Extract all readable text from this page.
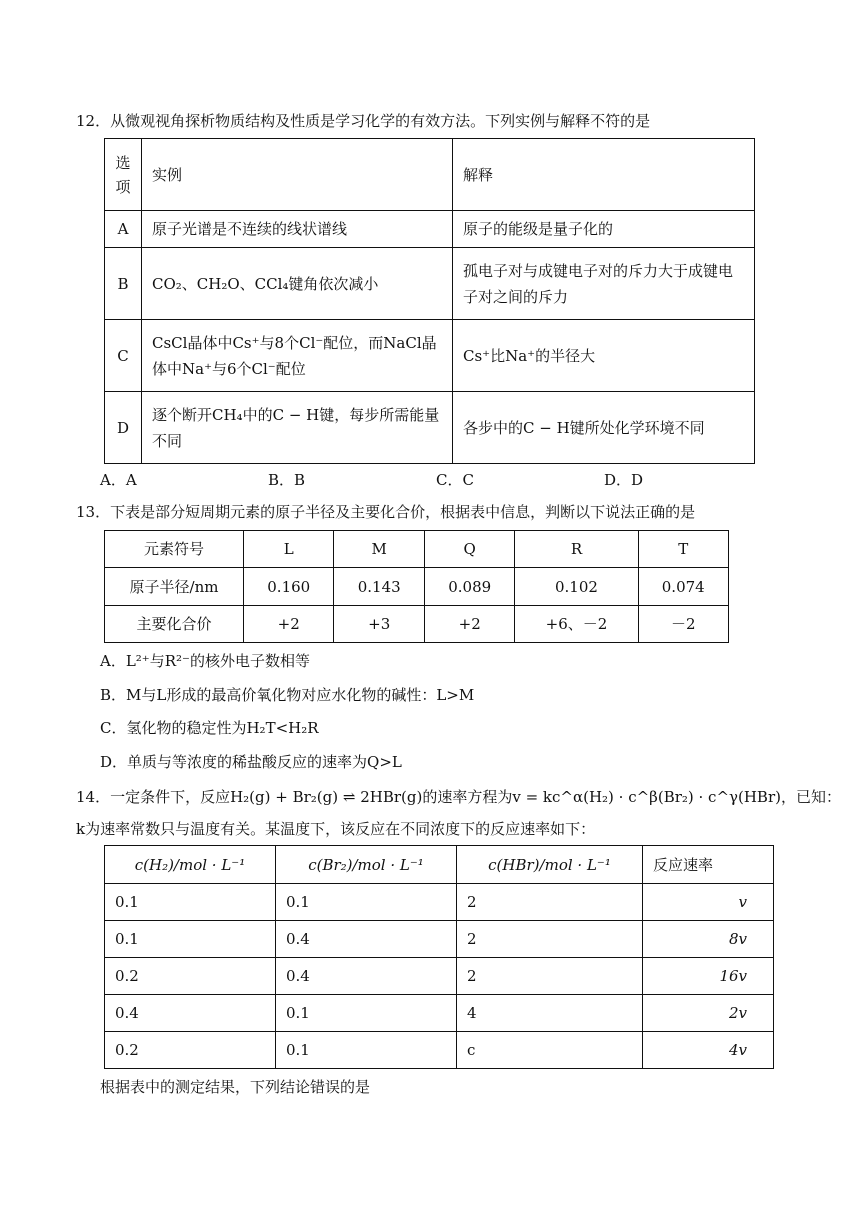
12．从微观视角探析物质结构及性质是学习化学的有效方法。下列实例与解释不符的是
选
项	实例	解释
A	原子光谱是不连续的线状谱线	原子的能级是量子化的
B	CO₂、CH₂O、CCl₄键角依次减小	孤电子对与成键电子对的斥力大于成键电子对之间的斥力
C	CsCl晶体中Cs⁺与8个Cl⁻配位，而NaCl晶体中Na⁺与6个Cl⁻配位	Cs⁺比Na⁺的半径大
D	逐个断开CH₄中的C − H键，每步所需能量不同	各步中的C − H键所处化学环境不同
A．A	B．B	C．C	D．D
13．下表是部分短周期元素的原子半径及主要化合价，根据表中信息，判断以下说法正确的是
元素符号	L	M	Q	R	T
原子半径/nm	0.160	0.143	0.089	0.102	0.074
主要化合价	+2	+3	+2	+6、－2	－2
A．L²⁺与R²⁻的核外电子数相等
B．M与L形成的最高价氧化物对应水化物的碱性：L>M
C．氢化物的稳定性为H₂T<H₂R
D．单质与等浓度的稀盐酸反应的速率为Q>L
14．一定条件下，反应H₂(g) + Br₂(g) ⇌ 2HBr(g)的速率方程为v = kc^α(H₂) · c^β(Br₂) · c^γ(HBr)，已知：
k为速率常数只与温度有关。某温度下，该反应在不同浓度下的反应速率如下：
c(H₂)/mol · L⁻¹	c(Br₂)/mol · L⁻¹	c(HBr)/mol · L⁻¹	反应速率
0.1	0.1	2	v
0.1	0.4	2	8v
0.2	0.4	2	16v
0.4	0.1	4	2v
0.2	0.1	c	4v
根据表中的测定结果，下列结论错误的是
